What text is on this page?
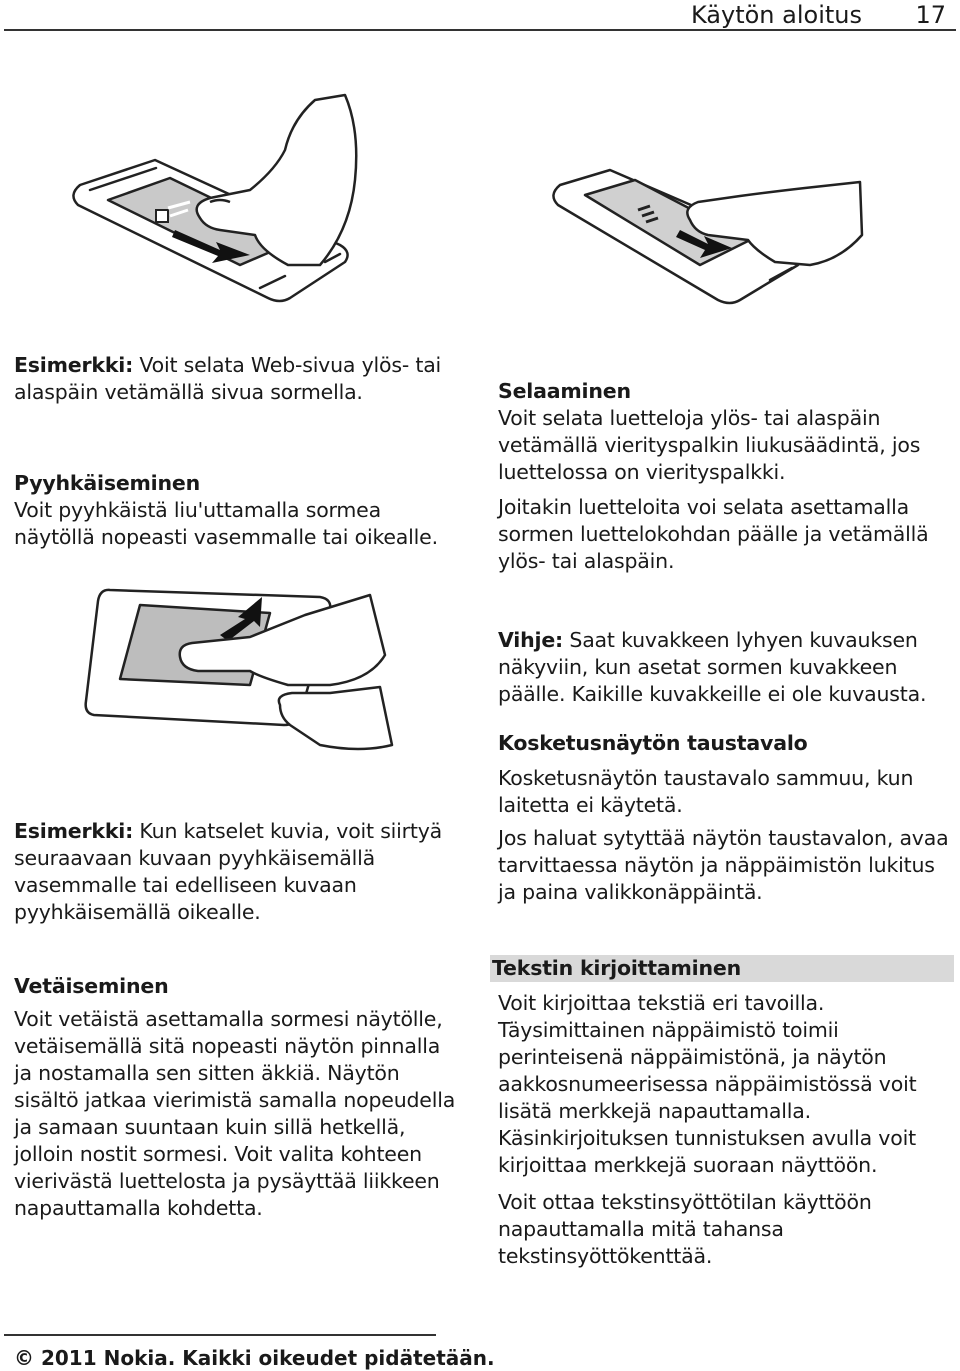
Käytön aloitus 17

Esimerkki: Voit selata Web-sivua ylös- tai alaspäin vetämällä sivua sormella.

Pyyhkäiseminen

Voit pyyhkäistä liu'uttamalla sormea näytöllä nopeasti vasemmalle tai oikealle.

Esimerkki: Kun katselet kuvia, voit siirtyä seuraavaan kuvaan pyyhkäisemällä vasemmalle tai edelliseen kuvaan pyyhkäisemällä oikealle.

Vetäiseminen

Voit vetäistä asettamalla sormesi näytölle, vetäisemällä sitä nopeasti näytön pinnalla ja nostamalla sen sitten äkkiä. Näytön sisältö jatkaa vierimistä samalla nopeudella ja samaan suuntaan kuin sillä hetkellä, jolloin nostit sormesi. Voit valita kohteen vierivästä luettelosta ja pysäyttää liikkeen napauttamalla kohdetta.

Selaaminen

Voit selata luetteloja ylös- tai alaspäin vetämällä vierityspalkin liukusäädintä, jos luettelossa on vierityspalkki.

Joitakin luetteloita voi selata asettamalla sormen luettelokohdan päälle ja vetämällä ylös- tai alaspäin.

Vihje: Saat kuvakkeen lyhyen kuvauksen näkyviin, kun asetat sormen kuvakkeen päälle. Kaikille kuvakkeille ei ole kuvausta.

Kosketusnäytön taustavalo

Kosketusnäytön taustavalo sammuu, kun laitetta ei käytetä.

Jos haluat sytyttää näytön taustavalon, avaa tarvittaessa näytön ja näppäimistön lukitus ja paina valikkonäppäintä.

Tekstin kirjoittaminen

Voit kirjoittaa tekstiä eri tavoilla. Täysimittainen näppäimistö toimii perinteisenä näppäimistönä, ja näytön aakkosnumeerisessa näppäimistössä voit lisätä merkkejä napauttamalla. Käsinkirjoituksen tunnistuksen avulla voit kirjoittaa merkkejä suoraan näyttöön.

Voit ottaa tekstinsyöttötilan käyttöön napauttamalla mitä tahansa tekstinsyöttökenttää.

© 2011 Nokia. Kaikki oikeudet pidätetään.
